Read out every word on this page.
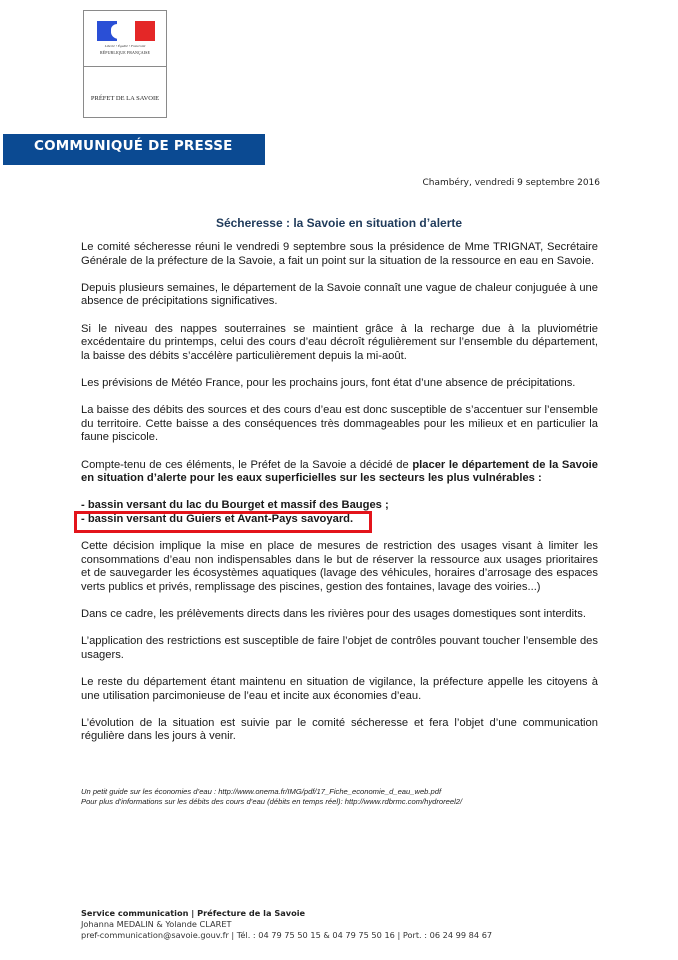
Liberté • Égalité • Fraternité
RÉPUBLIQUE FRANÇAISE
PRÉFET DE LA SAVOIE
COMMUNIQUÉ DE PRESSE
Chambéry, vendredi 9 septembre 2016
Sécheresse : la Savoie en situation d’alerte

Le comité sécheresse réuni le vendredi 9 septembre sous la présidence de Mme TRIGNAT, Secrétaire Générale de la préfecture de la Savoie, a fait un point sur la situation de la ressource en eau en Savoie.

Depuis plusieurs semaines, le département de la Savoie connaît une vague de chaleur conjuguée à une absence de précipitations significatives.

Si le niveau des nappes souterraines se maintient grâce à la recharge due à la pluviométrie excédentaire du printemps, celui des cours d’eau décroît régulièrement sur l’ensemble du département, la baisse des débits s’accélère particulièrement depuis la mi-août.

Les prévisions de Météo France, pour les prochains jours, font état d’une absence de précipitations.

La baisse des débits des sources et des cours d’eau est donc susceptible de s’accentuer sur l’ensemble du territoire. Cette baisse a des conséquences très dommageables pour les milieux et en particulier la faune piscicole.

Compte-tenu de ces éléments, le Préfet de la Savoie a décidé de placer le département de la Savoie en situation d’alerte pour les eaux superficielles sur les secteurs les plus vulnérables :

- bassin versant du lac du Bourget et massif des Bauges ;
- bassin versant du Guiers et Avant-Pays savoyard.

Cette décision implique la mise en place de mesures de restriction des usages visant à limiter les consommations d’eau non indispensables dans le but de réserver la ressource aux usages prioritaires et de sauvegarder les écosystèmes aquatiques (lavage des véhicules, horaires d’arrosage des espaces verts publics et privés, remplissage des piscines, gestion des fontaines, lavage des voiries...)

Dans ce cadre, les prélèvements directs dans les rivières pour des usages domestiques sont interdits.

L’application des restrictions est susceptible de faire l’objet de contrôles pouvant toucher l’ensemble des usagers.

Le reste du département étant maintenu en situation de vigilance, la préfecture appelle les citoyens à une utilisation parcimonieuse de l’eau et incite aux économies d’eau.

L’évolution de la situation est suivie par le comité sécheresse et fera l’objet d’une communication régulière dans les jours à venir.

Un petit guide sur les économies d’eau : http://www.onema.fr/IMG/pdf/17_Fiche_economie_d_eau_web.pdf
Pour plus d’informations sur les débits des cours d’eau (débits en temps réel): http://www.rdbrmc.com/hydroreel2/
Service communication | Préfecture de la Savoie
Johanna MEDALIN & Yolande CLARET
pref-communication@savoie.gouv.fr | Tél. : 04 79 75 50 15 & 04 79 75 50 16 | Port. : 06 24 99 84 67
